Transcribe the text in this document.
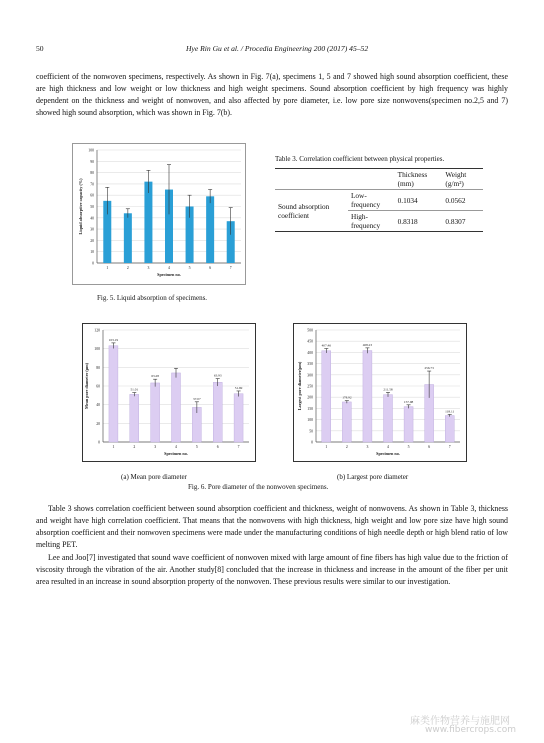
50	Hye Rin Gu et al. / Procedia Engineering 200 (2017) 45–52

coefficient of the nonwoven specimens, respectively. As shown in Fig. 7(a), specimens 1, 5 and 7 showed high sound absorption coefficient, these are high thickness and low weight or low thickness and high weight specimens. Sound absorption coefficient by high frequency was highly dependent on the thickness and weight of nonwoven, and also affected by pore diameter, i.e. low pore size nonwovens(specimen no.2,5 and 7) showed high sound absorption, which was shown in Fig. 7(b).

0
10
20
30
40
50
60
70
80
90
100
1	2	3	4	5	6	7
Specimen no.
Liquid absorptive capacity (%)
Fig. 5. Liquid absorption of specimens.
Table 3. Correlation coefficient between physical properties.
		Thickness (mm)	Weight (g/m²)
Sound absorption coefficient	Low-frequency	0.1034	0.0562
	High-frequency	0.8318	0.8307
0
20
40
60
80
100
120
103.19
1
51.01
2
63.28
3	4
37.07
5
63.93
6
51.69
7
Specimen no.
Mean pore diameter (μm)
0
50
100
150
200
250
300
350
400
450
500
407.46
1
178.92
2
408.23
3
211.58
4
157.98
5
256.73
6
118.11
7
Specimen no.
Largest pore diameter(μm)
(a) Mean pore diameter	(b) Largest pore diameter
Fig. 6. Pore diameter of the nonwoven specimens.

Table 3 shows correlation coefficient between sound absorption coefficient and thickness, weight of nonwovens. As shown in Table 3, thickness and weight have high correlation coefficient. That means that the nonwovens with high thickness, high weight and low pore size have high sound absorption coefficient and their nonwoven specimens were made under the manufacturing conditions of high needle depth or high blend ratio of low melting PET.

Lee and Joo[7] investigated that sound wave coefficient of nonwoven mixed with large amount of fine fibers has high value due to the friction of viscosity through the vibration of the air. Another study[8] concluded that the increase in thickness and increase in the amount of the fiber per unit area resulted in an increase in sound absorption property of the nonwoven. These previous results were similar to our investigation.

麻类作物营养与施肥网
www.fibercrops.com
